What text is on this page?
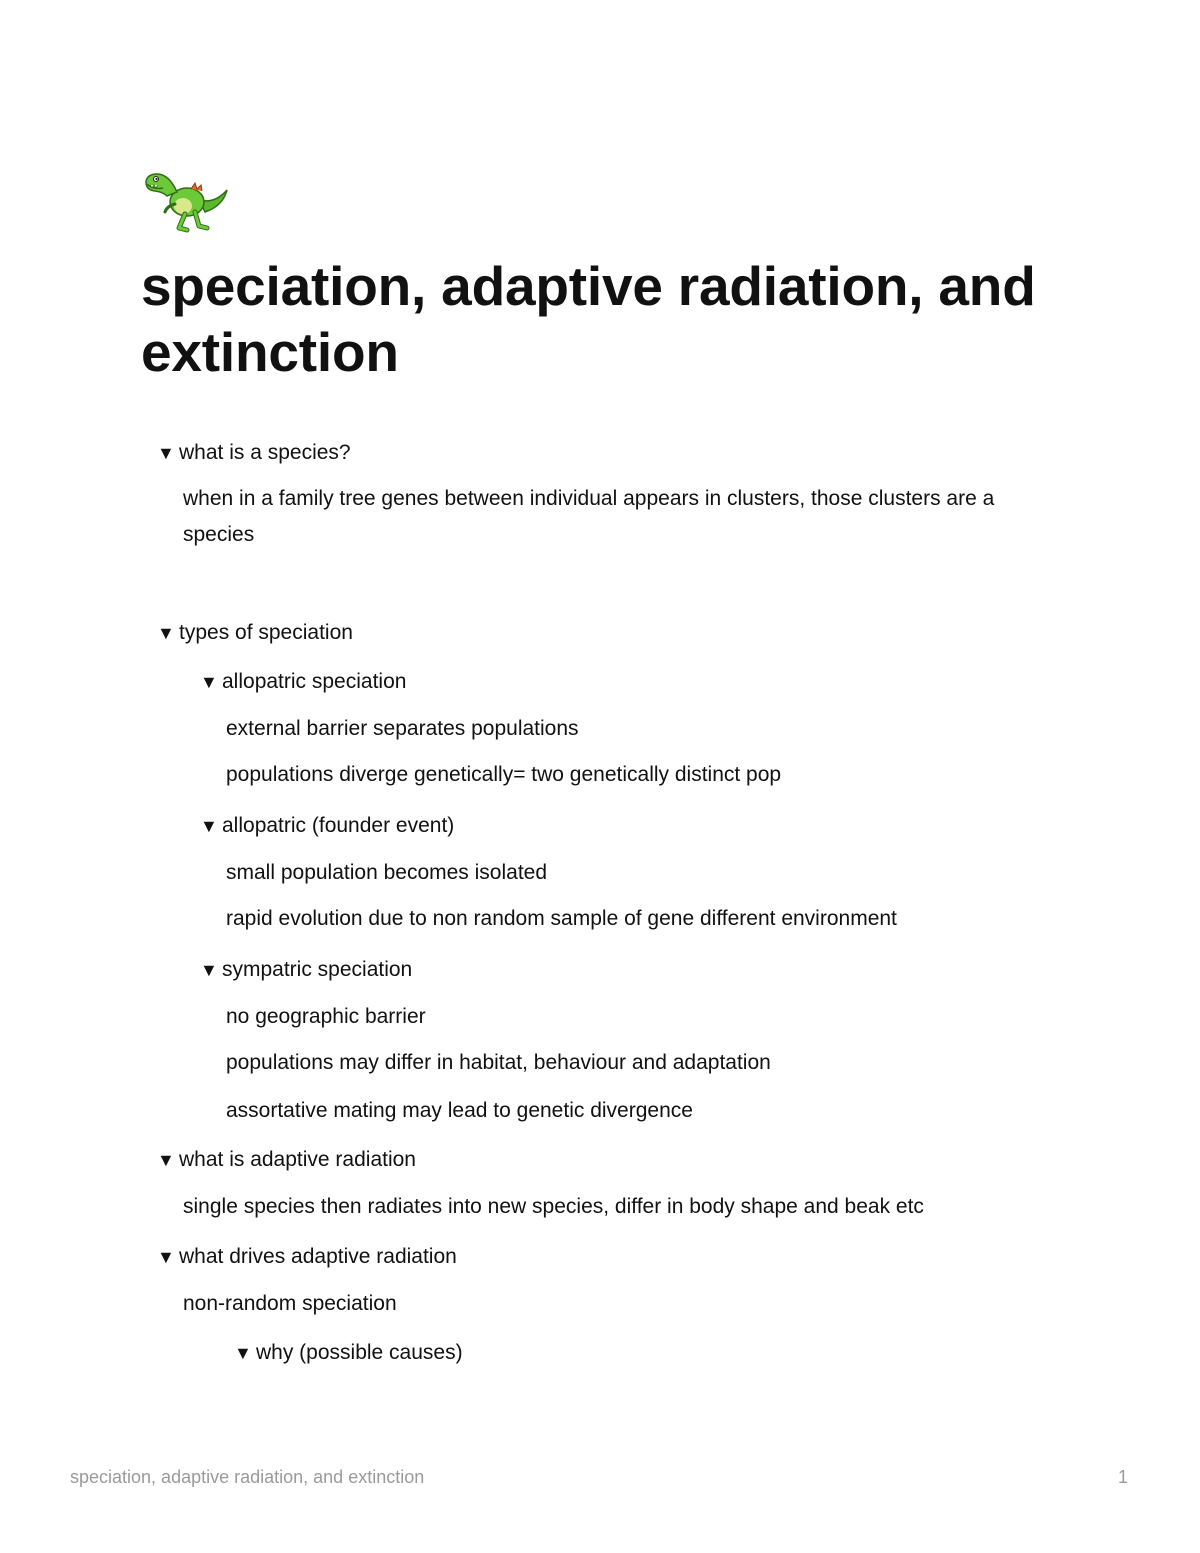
speciation, adaptive radiation, and extinction
▼ what is a species?
when in a family tree genes between individual appears in clusters, those clusters are a species
▼ types of speciation
▼ allopatric speciation
external barrier separates populations
populations diverge genetically= two genetically distinct pop
▼ allopatric (founder event)
small population becomes isolated
rapid evolution due to non random sample of gene different environment
▼ sympatric speciation
no geographic barrier
populations may differ in habitat, behaviour and adaptation
assortative mating may lead to genetic divergence
▼ what is adaptive radiation
single species then radiates into new species, differ in body shape and beak etc
▼ what drives adaptive radiation
non-random speciation
▼ why (possible causes)
speciation, adaptive radiation, and extinction	1
